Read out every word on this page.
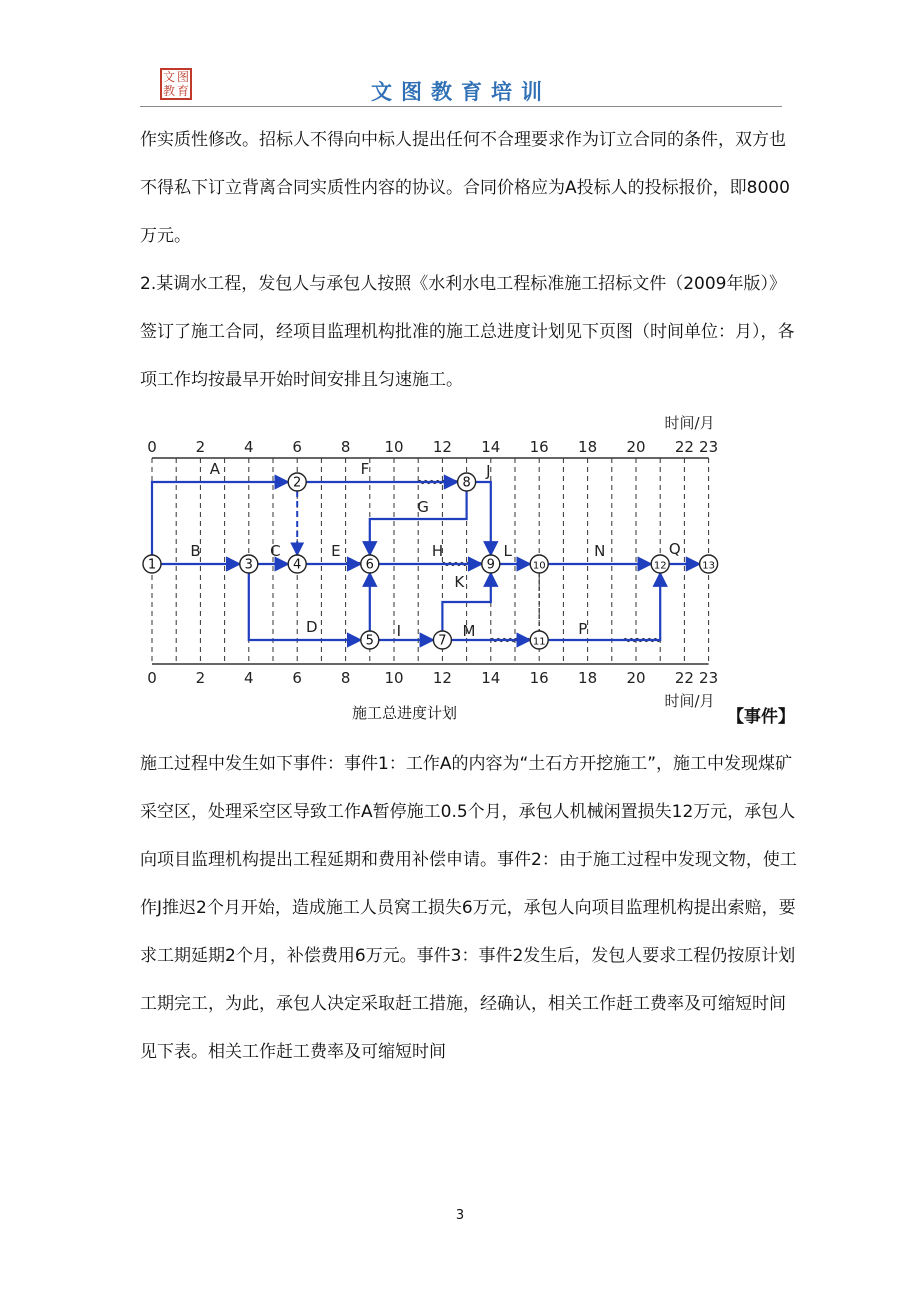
图
文
教 育	文图教育培训

作实质性修改。招标人不得向中标人提出任何不合理要求作为订立合同的条件，双方也不得私下订立背离合同实质性内容的协议。合同价格应为A投标人的投标报价，即8000万元。

2.某调水工程，发包人与承包人按照《水利水电工程标准施工招标文件（2009年版）》签订了施工合同，经项目监理机构批准的施工总进度计划见下页图（时间单位：月），各项工作均按最早开始时间安排且匀速施工。

0
0
2
2
4
4
6
6
8
8
10
10
12
12
14
14
16
16
18
18
20
20
22
22
23
23
时间/月
时间/月
A
B	C
D
E
F
G
H
I
J
K
L
M
N
P
Q
1
2
3	4
5
6
7
8
9	10
11
12	13
施工总进度计划	【事件】

施工过程中发生如下事件：事件1：工作A的内容为“土石方开挖施工”，施工中发现煤矿采空区，处理采空区导致工作A暂停施工0.5个月，承包人机械闲置损失12万元，承包人向项目监理机构提出工程延期和费用补偿申请。事件2：由于施工过程中发现文物，使工作J推迟2个月开始，造成施工人员窝工损失6万元，承包人向项目监理机构提出索赔，要求工期延期2个月，补偿费用6万元。事件3：事件2发生后，发包人要求工程仍按原计划工期完工，为此，承包人决定采取赶工措施，经确认，相关工作赶工费率及可缩短时间见下表。相关工作赶工费率及可缩短时间

3
